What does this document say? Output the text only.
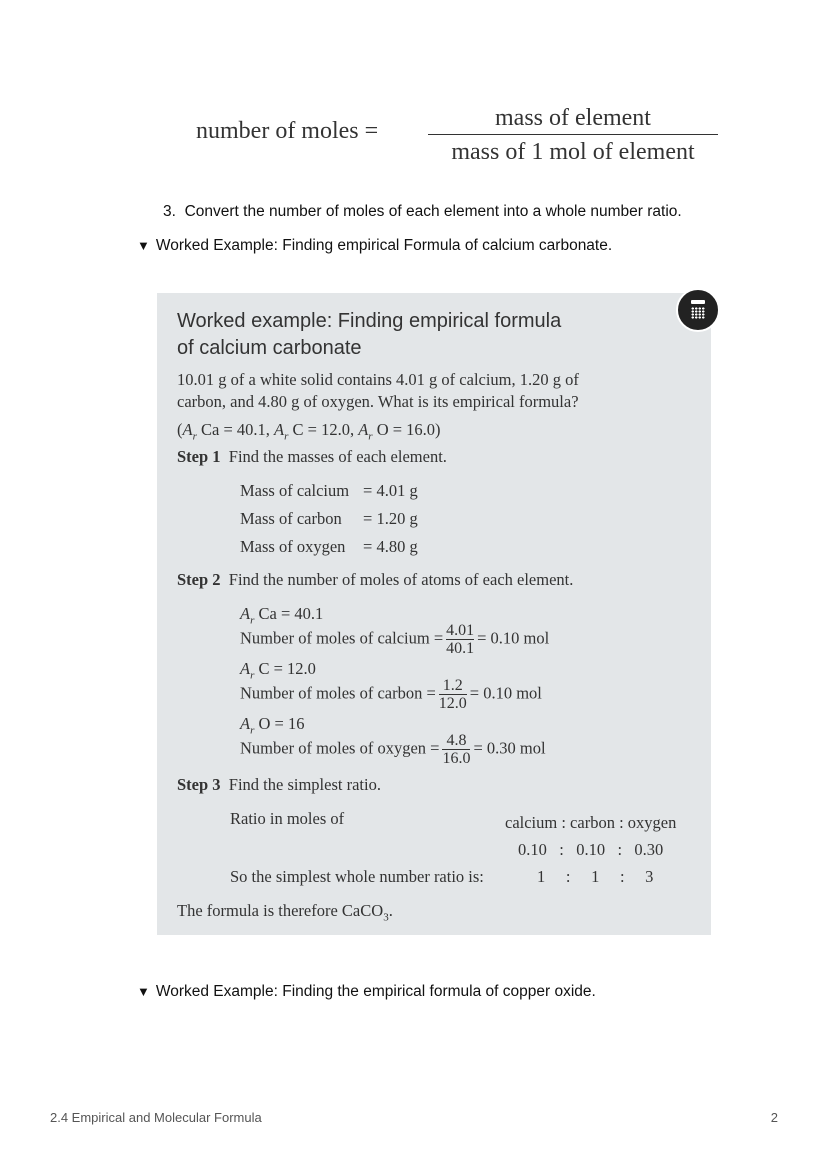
number of moles =	mass of element
mass of 1 mol of element
3. Convert the number of moles of each element into a whole number ratio.
▼ Worked Example: Finding empirical Formula of calcium carbonate.
Worked example: Finding empirical formula
of calcium carbonate
10.01 g of a white solid contains 4.01 g of calcium, 1.20 g of
carbon, and 4.80 g of oxygen. What is its empirical formula?
($A_r$ Ca = 40.1, $A_r$ C = 12.0, $A_r$ O = 16.0)
Step 1 Find the masses of each element.
Mass of calcium = 4.01 g
Mass of carbon = 1.20 g
Mass of oxygen = 4.80 g
Step 2 Find the number of moles of atoms of each element.
$A_r$ Ca = 40.1
Number of moles of calcium = $\frac{4.01}{40.1} = 0.10$ mol
$A_r$ C = 12.0
Number of moles of carbon = $\frac{1.2}{12.0} = 0.10$ mol
$A_r$ O = 16
Number of moles of oxygen = $\frac{4.8}{16.0} = 0.30$ mol
Step 3 Find the simplest ratio.
Ratio in moles of	calcium : carbon : oxygen
0.10   :   0.10   :   0.30
So the simplest whole number ratio is:	1     :     1     :     3
The formula is therefore CaCO$_3$.
▼ Worked Example: Finding the empirical formula of copper oxide.
2.4 Empirical and Molecular Formula	2
